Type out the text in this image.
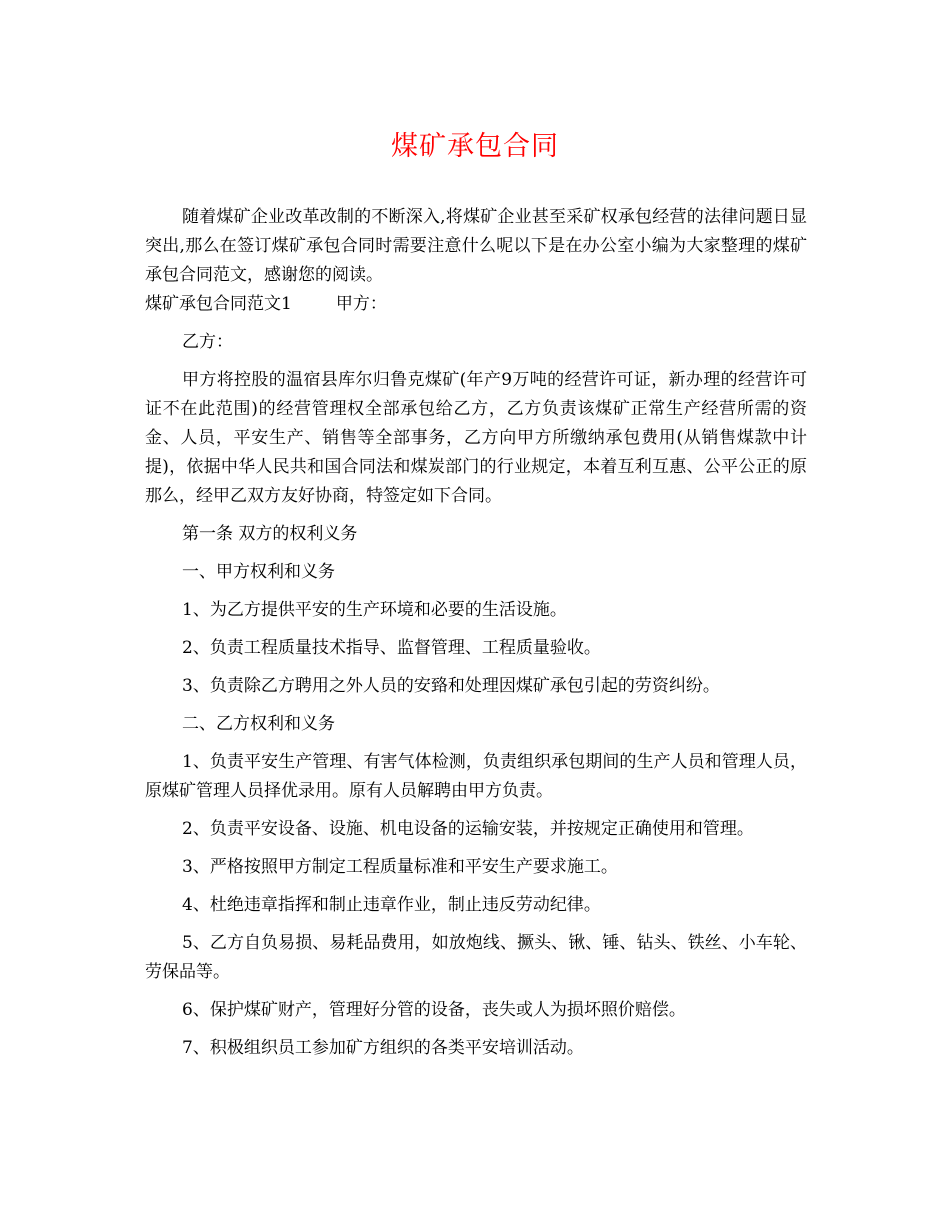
煤矿承包合同

随着煤矿企业改革改制的不断深入,将煤矿企业甚至采矿权承包经营的法律问题日显突出,那么在签订煤矿承包合同时需要注意什么呢以下是在办公室小编为大家整理的煤矿承包合同范文，感谢您的阅读。

煤矿承包合同范文1	甲方：

乙方：

甲方将控股的温宿县库尔归鲁克煤矿(年产9万吨的经营许可证，新办理的经营许可证不在此范围)的经营管理权全部承包给乙方，乙方负责该煤矿正常生产经营所需的资金、人员，平安生产、销售等全部事务，乙方向甲方所缴纳承包费用(从销售煤款中计提)，依据中华人民共和国合同法和煤炭部门的行业规定，本着互利互惠、公平公正的原那么，经甲乙双方友好协商，特签定如下合同。

第一条 双方的权利义务

一、甲方权利和义务

1、为乙方提供平安的生产环境和必要的生活设施。

2、负责工程质量技术指导、监督管理、工程质量验收。

3、负责除乙方聘用之外人员的安臵和处理因煤矿承包引起的劳资纠纷。

二、乙方权利和义务

1、负责平安生产管理、有害气体检测，负责组织承包期间的生产人员和管理人员，原煤矿管理人员择优录用。原有人员解聘由甲方负责。

2、负责平安设备、设施、机电设备的运输安装，并按规定正确使用和管理。

3、严格按照甲方制定工程质量标准和平安生产要求施工。

4、杜绝违章指挥和制止违章作业，制止违反劳动纪律。

5、乙方自负易损、易耗品费用，如放炮线、撅头、锹、锤、钻头、铁丝、小车轮、劳保品等。

6、保护煤矿财产，管理好分管的设备，丧失或人为损坏照价赔偿。

7、积极组织员工参加矿方组织的各类平安培训活动。
